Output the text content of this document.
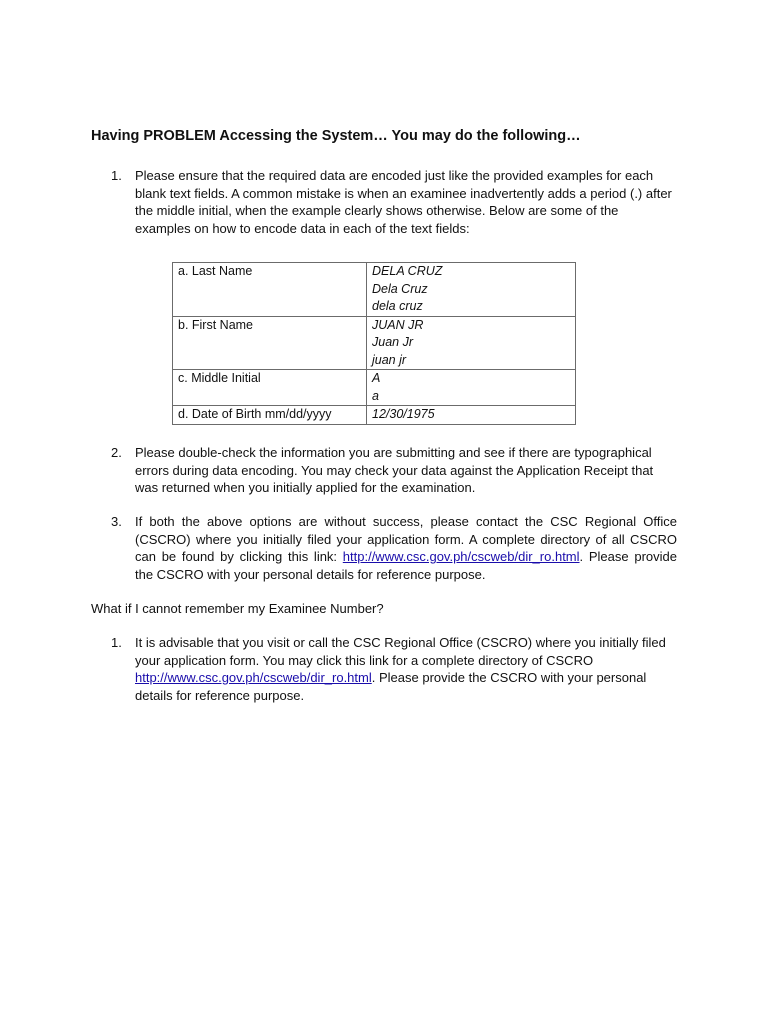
Having PROBLEM Accessing the System… You may do the following…
1. Please ensure that the required data are encoded just like the provided examples for each blank text fields. A common mistake is when an examinee inadvertently adds a period (.) after the middle initial, when the example clearly shows otherwise. Below are some of the examples on how to encode data in each of the text fields:
a. Last Name	DELA CRUZ
Dela Cruz
dela cruz

b. First Name	JUAN JR
Juan Jr
juan jr

c. Middle Initial	A
a

d. Date of Birth mm/dd/yyyy	12/30/1975
2. Please double-check the information you are submitting and see if there are typographical errors during data encoding. You may check your data against the Application Receipt that was returned when you initially applied for the examination.
3. If both the above options are without success, please contact the CSC Regional Office (CSCRO) where you initially filed your application form. A complete directory of all CSCRO can be found by clicking this link: http://www.csc.gov.ph/cscweb/dir_ro.html. Please provide the CSCRO with your personal details for reference purpose.
What if I cannot remember my Examinee Number?
1. It is advisable that you visit or call the CSC Regional Office (CSCRO) where you initially filed your application form. You may click this link for a complete directory of CSCRO http://www.csc.gov.ph/cscweb/dir_ro.html. Please provide the CSCRO with your personal details for reference purpose.
